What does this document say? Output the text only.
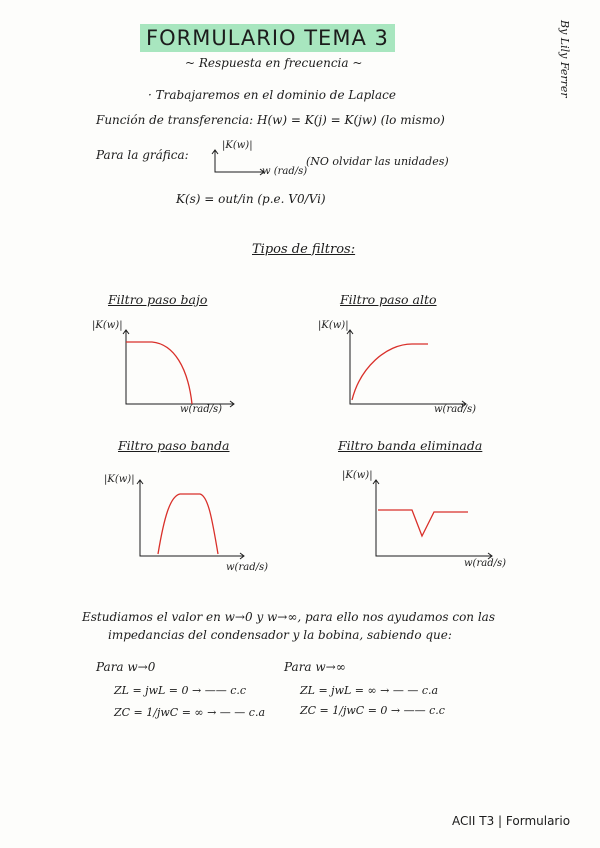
FORMULARIO TEMA 3
~ Respuesta en frecuencia ~	By Lily Ferrer
· Trabajaremos en el dominio de Laplace
Función de transferencia: H(w) = K(j) = K(jw) (lo mismo)
Para la gráfica:
|K(w)|
w (rad/s)
(NO olvidar las unidades)
K(s) = out/in (p.e. V0/Vi)
Tipos de filtros:
Filtro paso bajo
|K(w)|
w(rad/s)
Filtro paso alto
|K(w)|
w(rad/s)
Filtro paso banda
|K(w)|
w(rad/s)
Filtro banda eliminada
|K(w)|
w(rad/s)
Estudiamos el valor en w→0 y w→∞, para ello nos ayudamos con las
impedancias del condensador y la bobina, sabiendo que:
Para w→0
ZL = jwL = 0 → —— c.c
ZC = 1/jwC = ∞ → — — c.a
Para w→∞
ZL = jwL = ∞ → — — c.a
ZC = 1/jwC = 0 → —— c.c
ACII T3 | Formulario
